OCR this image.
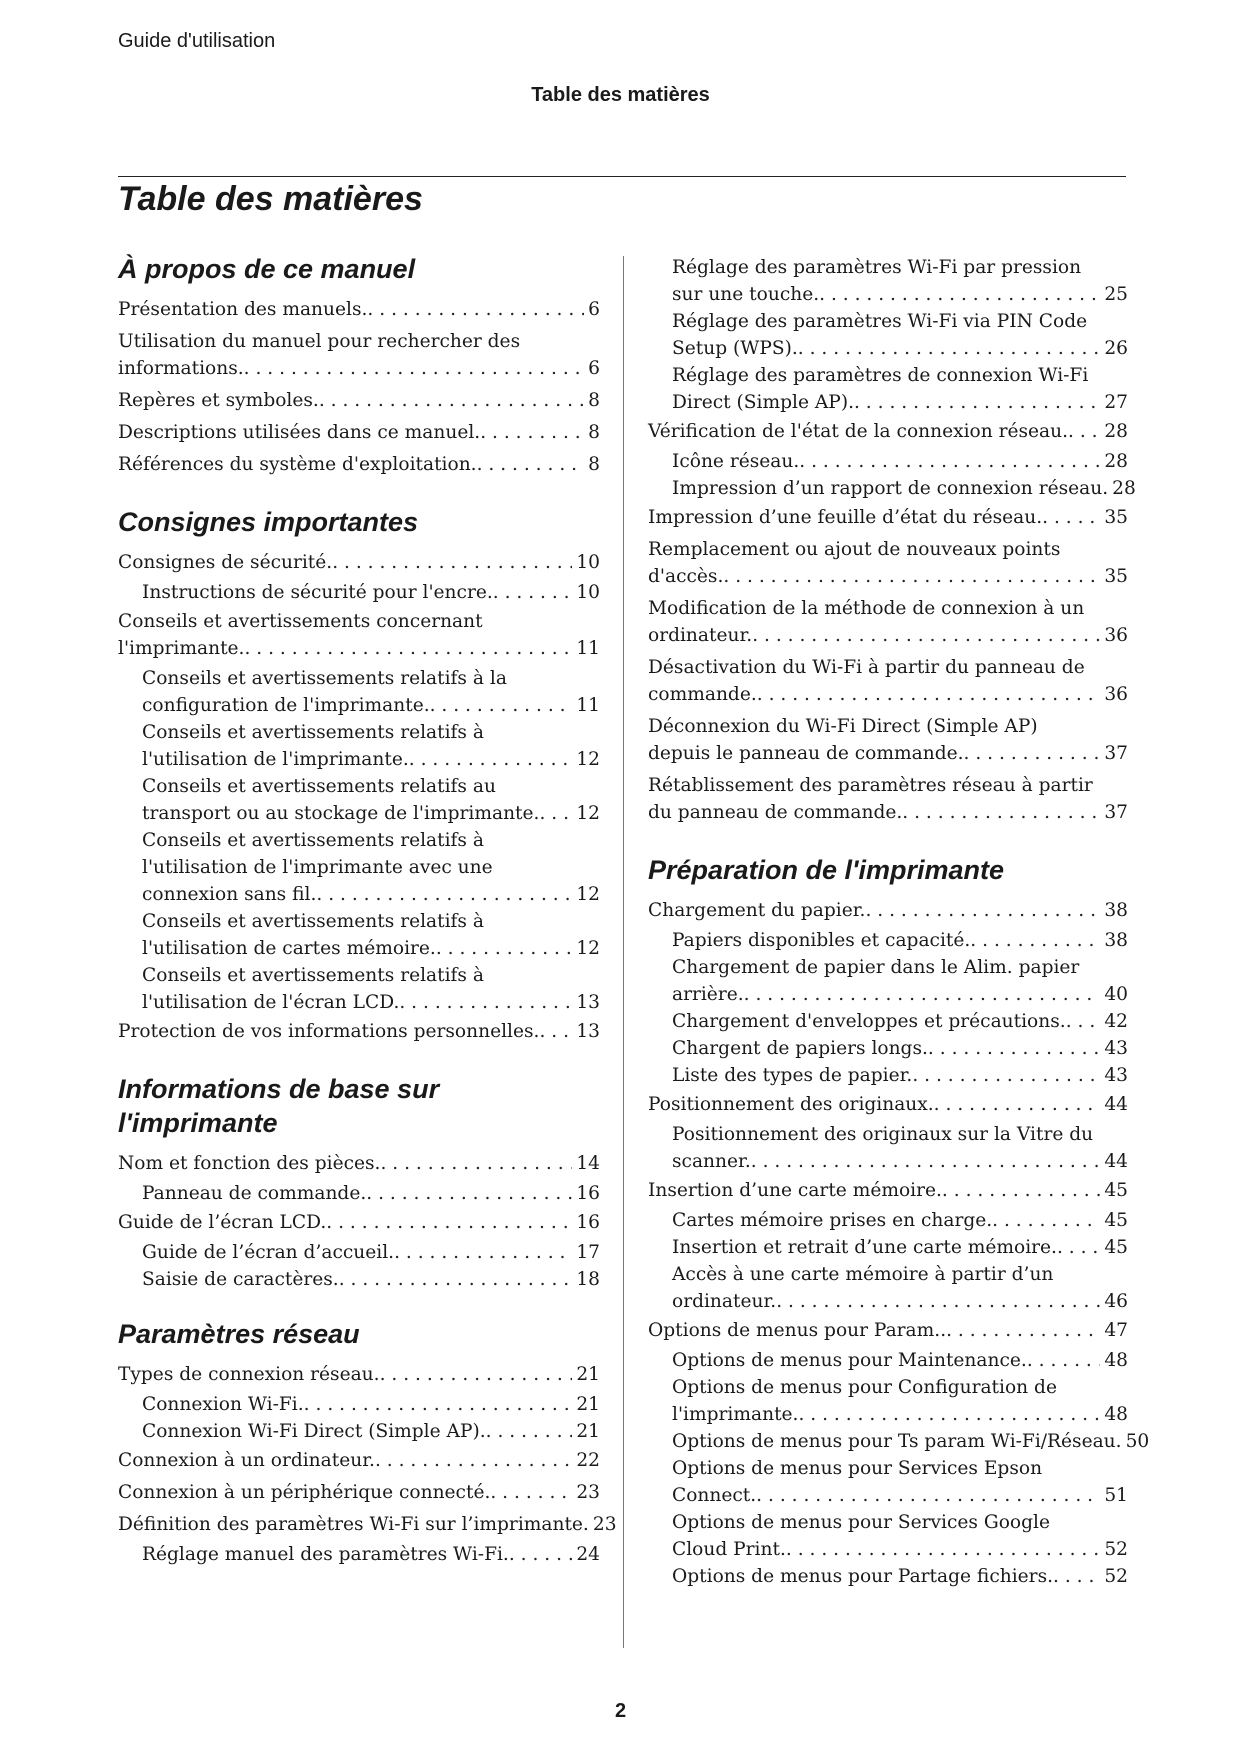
Guide d'utilisation
Table des matières
Table des matières
À propos de ce manuel
Présentation des manuels. . . .	6
Utilisation du manuel pour rechercher des
informations. . . .	6
Repères et symboles. . . .	8
Descriptions utilisées dans ce manuel. . . .	8
Références du système d'exploitation. . . .	8
Consignes importantes
Consignes de sécurité. . . .	10
Instructions de sécurité pour l'encre. . . .	10
Conseils et avertissements concernant
l'imprimante. . . .	11
Conseils et avertissements relatifs à la
configuration de l'imprimante. . . .	11
Conseils et avertissements relatifs à
l'utilisation de l'imprimante. . . .	12
Conseils et avertissements relatifs au
transport ou au stockage de l'imprimante. . . . 12
Conseils et avertissements relatifs à
l'utilisation de l'imprimante avec une
connexion sans fil. . . .	12
Conseils et avertissements relatifs à
l'utilisation de cartes mémoire. . . .	12
Conseils et avertissements relatifs à
l'utilisation de l'écran LCD. . . .	13
Protection de vos informations personnelles. . . . 13
Informations de base sur l'imprimante
Nom et fonction des pièces. . . .	14
Panneau de commande. . . .	16
Guide de l’écran LCD. . . .	16
Guide de l’écran d’accueil. . . .	17
Saisie de caractères. . . .	18
Paramètres réseau
Types de connexion réseau. . . .	21
Connexion Wi-Fi. . . .	21
Connexion Wi-Fi Direct (Simple AP). . . .	21
Connexion à un ordinateur. . . .	22
Connexion à un périphérique connecté. . . .	23
Définition des paramètres Wi-Fi sur l’imprimante. 23
Réglage manuel des paramètres Wi-Fi. . . .	24
Réglage des paramètres Wi-Fi par pression
sur une touche. . . .	25
Réglage des paramètres Wi-Fi via PIN Code
Setup (WPS). . . .	26
Réglage des paramètres de connexion Wi-Fi
Direct (Simple AP). . . .	27
Vérification de l'état de la connexion réseau. . . . 28
Icône réseau. . . .	28
Impression d’un rapport de connexion réseau. 28
Impression d’une feuille d’état du réseau. . . .	35
Remplacement ou ajout de nouveaux points
d'accès. . . .	35
Modification de la méthode de connexion à un
ordinateur. . . .	36
Désactivation du Wi-Fi à partir du panneau de
commande. . . .	36
Déconnexion du Wi-Fi Direct (Simple AP)
depuis le panneau de commande. . . .	37
Rétablissement des paramètres réseau à partir
du panneau de commande. . . .	37
Préparation de l'imprimante
Chargement du papier. . . .	38
Papiers disponibles et capacité. . . .	38
Chargement de papier dans le Alim. papier
arrière. . . .	40
Chargement d'enveloppes et précautions. . . . 42
Chargent de papiers longs. . . .	43
Liste des types de papier. . . .	43
Positionnement des originaux. . . .	44
Positionnement des originaux sur la Vitre du
scanner. . . .	44
Insertion d’une carte mémoire. . . .	45
Cartes mémoire prises en charge. . . .	45
Insertion et retrait d’une carte mémoire. . . .	45
Accès à une carte mémoire à partir d’un
ordinateur. . . .	46
Options de menus pour Param.. . . .	47
Options de menus pour Maintenance. . . .	48
Options de menus pour Configuration de
l'imprimante. . . .	48
Options de menus pour Ts param Wi-Fi/Réseau. 50
Options de menus pour Services Epson
Connect. . . .	51
Options de menus pour Services Google
Cloud Print. . . .	52
Options de menus pour Partage fichiers. . . .	52
2
